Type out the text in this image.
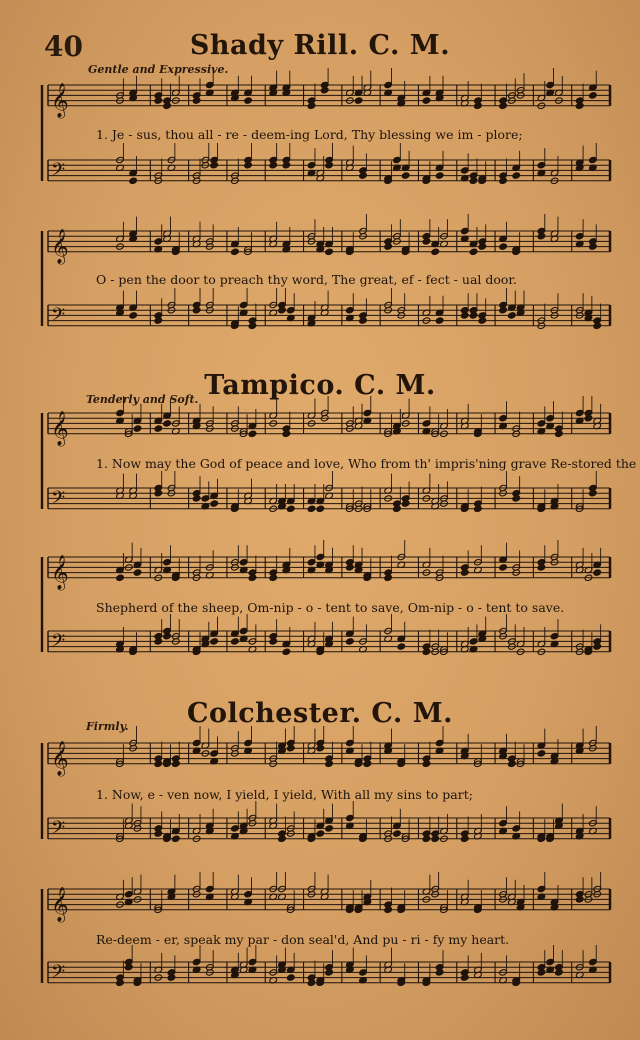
40	Shady Rill. C. M.
Gentle and Expressive.
1. Je - sus, thou all - re - deem-ing Lord, Thy blessing we im - plore;
O - pen the door to preach thy word, The great, ef - fect - ual door.
Tampico. C. M.
Tenderly and Soft.
1. Now may the God of peace and love, Who from th' impris'ning grave Re-stored the
Shepherd of the sheep, Om-nip - o - tent to save, Om-nip - o - tent to save.
Colchester. C. M.
Firmly.
1. Now, e - ven now, I yield, I yield, With all my sins to part;
Re-deem - er, speak my par - don seal'd, And pu - ri - fy my heart.
𝄞
𝄢
𝄞
𝄢
𝄞
𝄢
𝄞
𝄢
𝄞
𝄢
𝄞
𝄢
